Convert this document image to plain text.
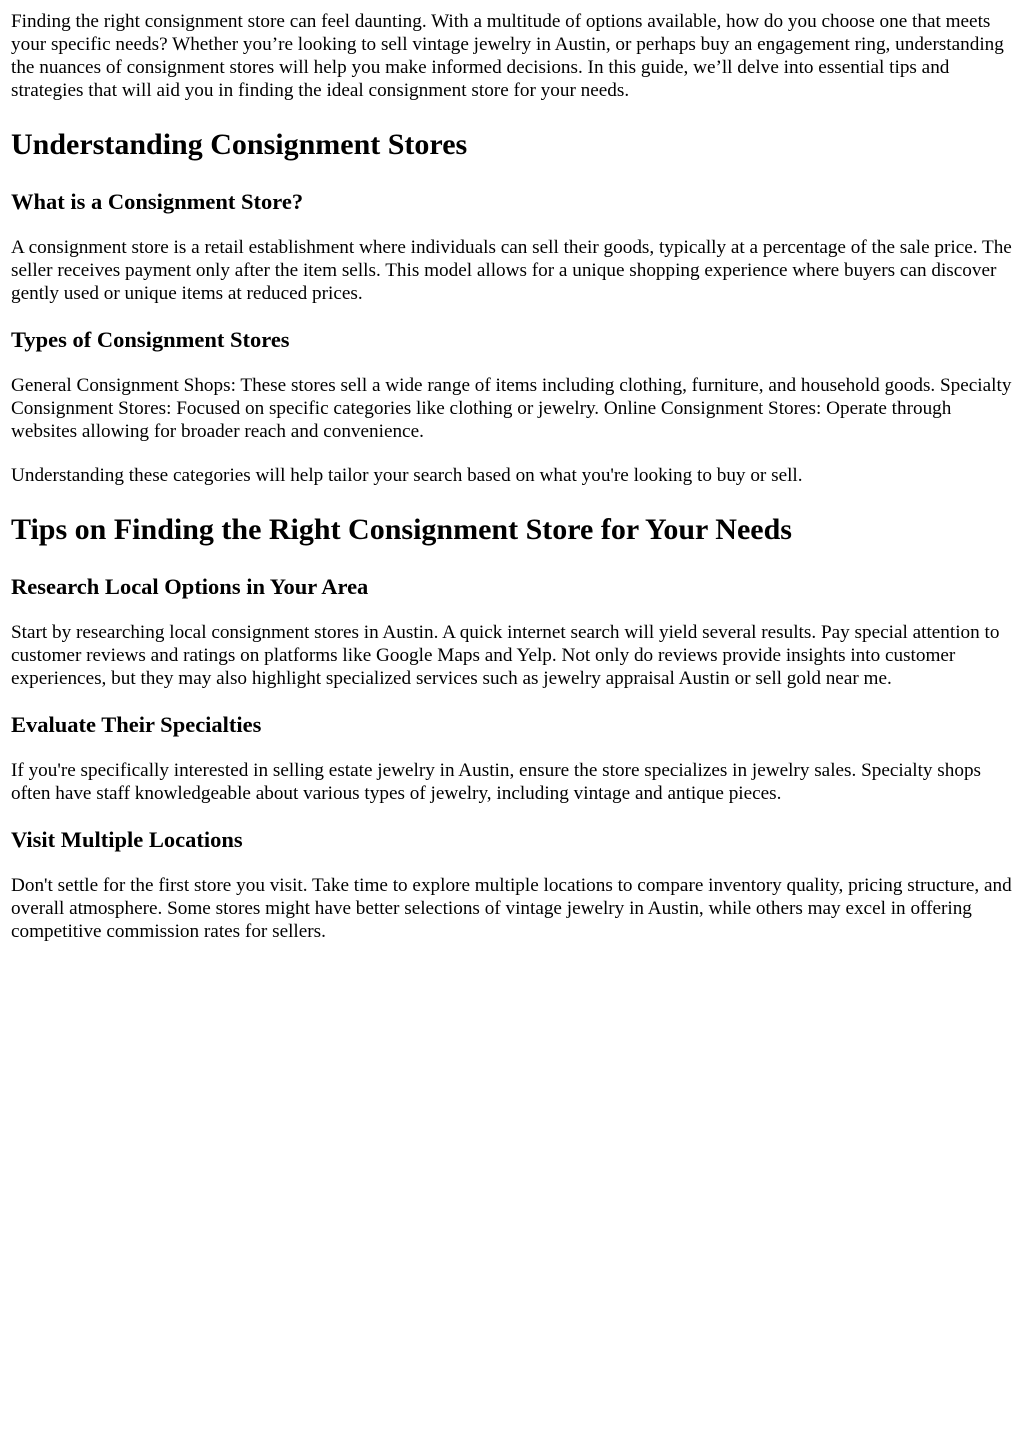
Finding the right consignment store can feel daunting. With a multitude of options available, how do you choose one that meets your specific needs? Whether you’re looking to sell vintage jewelry in Austin, or perhaps buy an engagement ring, understanding the nuances of consignment stores will help you make informed decisions. In this guide, we’ll delve into essential tips and strategies that will aid you in finding the ideal consignment store for your needs.

Understanding Consignment Stores
What is a Consignment Store?

A consignment store is a retail establishment where individuals can sell their goods, typically at a percentage of the sale price. The seller receives payment only after the item sells. This model allows for a unique shopping experience where buyers can discover gently used or unique items at reduced prices.

Types of Consignment Stores

General Consignment Shops: These stores sell a wide range of items including clothing, furniture, and household goods. Specialty Consignment Stores: Focused on specific categories like clothing or jewelry. Online Consignment Stores: Operate through websites allowing for broader reach and convenience.

Understanding these categories will help tailor your search based on what you're looking to buy or sell.

Tips on Finding the Right Consignment Store for Your Needs
Research Local Options in Your Area

Start by researching local consignment stores in Austin. A quick internet search will yield several results. Pay special attention to customer reviews and ratings on platforms like Google Maps and Yelp. Not only do reviews provide insights into customer experiences, but they may also highlight specialized services such as jewelry appraisal Austin or sell gold near me.

Evaluate Their Specialties

If you're specifically interested in selling estate jewelry in Austin, ensure the store specializes in jewelry sales. Specialty shops often have staff knowledgeable about various types of jewelry, including vintage and antique pieces.

Visit Multiple Locations

Don't settle for the first store you visit. Take time to explore multiple locations to compare inventory quality, pricing structure, and overall atmosphere. Some stores might have better selections of vintage jewelry in Austin, while others may excel in offering competitive commission rates for sellers.
